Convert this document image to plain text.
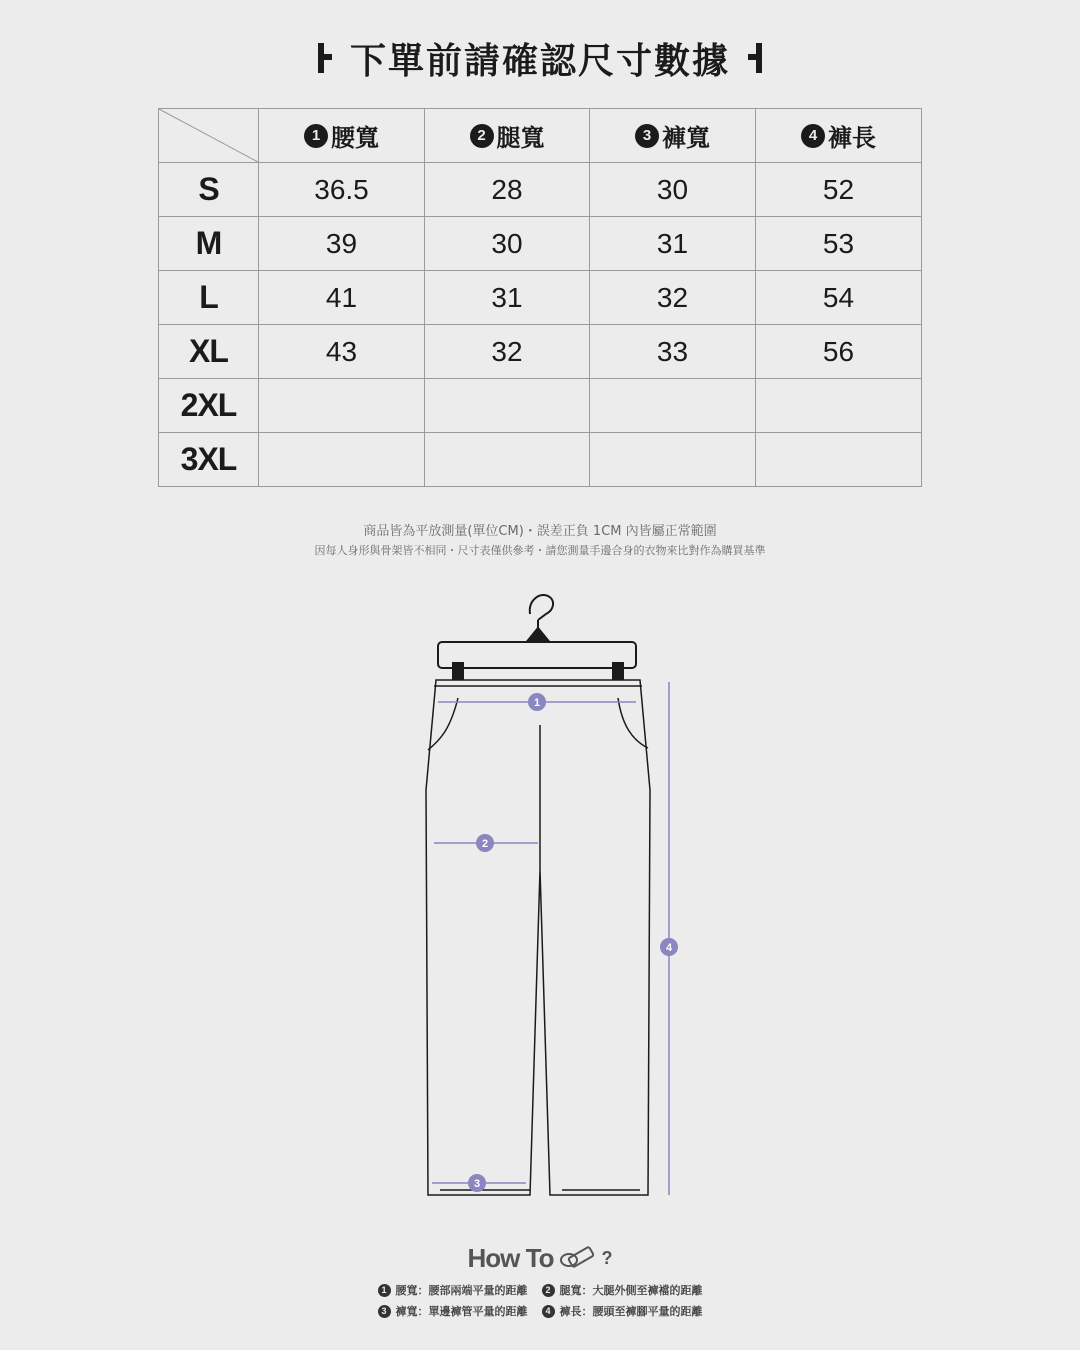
下單前請確認尺寸數據
	1 腰寬	2 腿寬	3 褲寬	4 褲長
S	36.5	28	30	52
M	39	30	31	53
L	41	31	32	54
XL	43	32	33	56
2XL				
3XL				
商品皆為平放測量(單位CM)・誤差正負 1CM 內皆屬正常範圍
因每人身形與骨架皆不相同・尺寸表僅供參考・請您測量手邊合身的衣物來比對作為購買基準
1
2
3
4
How To	?
1 腰寬：腰部兩端平量的距離	2 腿寬：大腿外側至褲襠的距離
3 褲寬：單邊褲管平量的距離	4 褲長：腰頭至褲腳平量的距離
